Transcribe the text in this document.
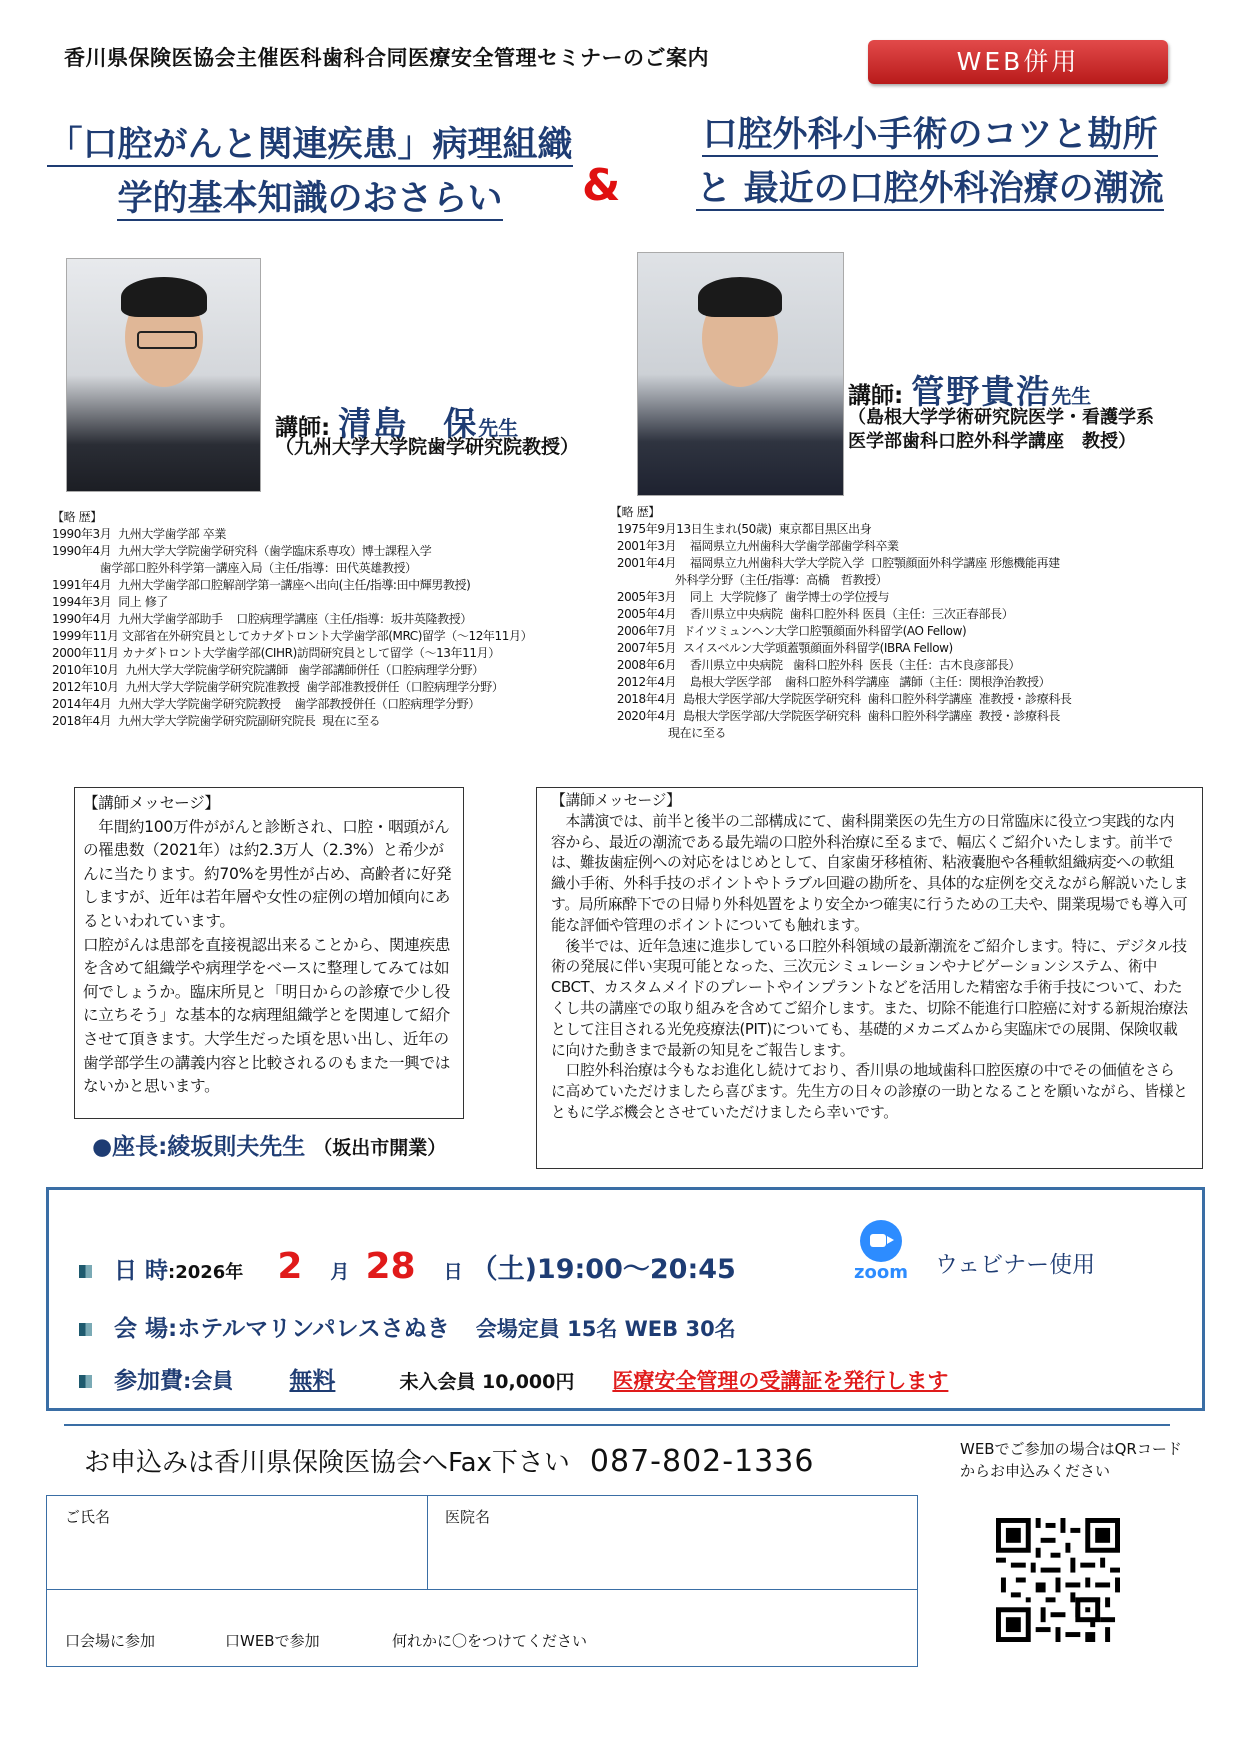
香川県保険医協会主催医科歯科合同医療安全管理セミナーのご案内	WEB併用
「口腔がんと関連疾患」病理組織
学的基本知識のおさらい	&
口腔外科小手術のコツと勘所
と 最近の口腔外科治療の潮流
講師: 清島　保先生
（九州大学大学院歯学研究院教授）
講師: 管野貴浩先生
（島根大学学術研究院医学・看護学系
医学部歯科口腔外科学講座　教授）
【略 歴】
1990年3月  九州大学歯学部 卒業
1990年4月  九州大学大学院歯学研究科（歯学臨床系専攻）博士課程入学
歯学部口腔外科学第一講座入局（主任/指導：田代英雄教授）
1991年4月  九州大学歯学部口腔解剖学第一講座へ出向(主任/指導:田中輝男教授)
1994年3月  同上 修了
1990年4月  九州大学歯学部助手    口腔病理学講座（主任/指導：坂井英隆教授）
1999年11月 文部省在外研究員としてカナダトロント大学歯学部(MRC)留学（〜12年11月）
2000年11月 カナダトロント大学歯学部(CIHR)訪問研究員として留学（〜13年11月）
2010年10月  九州大学大学院歯学研究院講師   歯学部講師併任（口腔病理学分野）
2012年10月  九州大学大学院歯学研究院准教授  歯学部准教授併任（口腔病理学分野）
2014年4月  九州大学大学院歯学研究院教授    歯学部教授併任（口腔病理学分野）
2018年4月  九州大学大学院歯学研究院副研究院長  現在に至る
【略 歴】
1975年9月13日生まれ(50歳)  東京都目黒区出身
2001年3月    福岡県立九州歯科大学歯学部歯学科卒業
2001年4月    福岡県立九州歯科大学大学院入学  口腔顎顔面外科学講座 形態機能再建
外科学分野（主任/指導：高橋　哲教授）
2005年3月    同上  大学院修了  歯学博士の学位授与
2005年4月    香川県立中央病院  歯科口腔外科 医員（主任：三次正春部長）
2006年7月  ドイツミュンヘン大学口腔顎顔面外科留学(AO Fellow)
2007年5月  スイスベルン大学頭蓋顎顔面外科留学(IBRA Fellow)
2008年6月    香川県立中央病院   歯科口腔外科  医長（主任：古木良彦部長）
2012年4月    島根大学医学部    歯科口腔外科学講座   講師（主任：関根浄治教授）
2018年4月  島根大学医学部/大学院医学研究科  歯科口腔外科学講座  准教授・診療科長
2020年4月  島根大学医学部/大学院医学研究科  歯科口腔外科学講座  教授・診療科長
現在に至る
【講師メッセージ】
　年間約100万件ががんと診断され、口腔・咽頭がんの罹患数（2021年）は約2.3万人（2.3%）と希少がんに当たります。約70%を男性が占め、高齢者に好発しますが、近年は若年層や女性の症例の増加傾向にあるといわれています。
口腔がんは患部を直接視認出来ることから、関連疾患を含めて組織学や病理学をベースに整理してみては如何でしょうか。臨床所見と「明日からの診療で少し役に立ちそう」な基本的な病理組織学とを関連して紹介させて頂きます。大学生だった頃を思い出し、近年の歯学部学生の講義内容と比較されるのもまた一興ではないかと思います。
【講師メッセージ】
　本講演では、前半と後半の二部構成にて、歯科開業医の先生方の日常臨床に役立つ実践的な内容から、最近の潮流である最先端の口腔外科治療に至るまで、幅広くご紹介いたします。前半では、難抜歯症例への対応をはじめとして、自家歯牙移植術、粘液嚢胞や各種軟組織病変への軟組織小手術、外科手技のポイントやトラブル回避の勘所を、具体的な症例を交えながら解説いたします。局所麻酔下での日帰り外科処置をより安全かつ確実に行うための工夫や、開業現場でも導入可能な評価や管理のポイントについても触れます。
　後半では、近年急速に進歩している口腔外科領域の最新潮流をご紹介します。特に、デジタル技術の発展に伴い実現可能となった、三次元シミュレーションやナビゲーションシステム、術中CBCT、カスタムメイドのプレートやインプラントなどを活用した精密な手術手技について、わたくし共の講座での取り組みを含めてご紹介します。また、切除不能進行口腔癌に対する新規治療法として注目される光免疫療法(PIT)についても、基礎的メカニズムから実臨床での展開、保険収載に向けた動きまで最新の知見をご報告します。
　口腔外科治療は今もなお進化し続けており、香川県の地域歯科口腔医療の中でその価値をさらに高めていただけましたら喜びます。先生方の日々の診療の一助となることを願いながら、皆様とともに学ぶ機会とさせていただけましたら幸いです。
●座長:綾坂則夫先生 （坂出市開業）
日 時:2026年 2 月 28 日 （土)19:00〜20:45	zoom ウェビナー使用
会 場:ホテルマリンパレスさぬき 会場定員 15名 WEB 30名
参加費:会員 無料	未入会員 10,000円 医療安全管理の受講証を発行します
お申込みは香川県保険医協会へFax下さい 087-802-1336	WEBでご参加の場合はQRコードからお申込みください
ご氏名	医院名
口会場に参加	口WEBで参加	何れかに〇をつけてください
